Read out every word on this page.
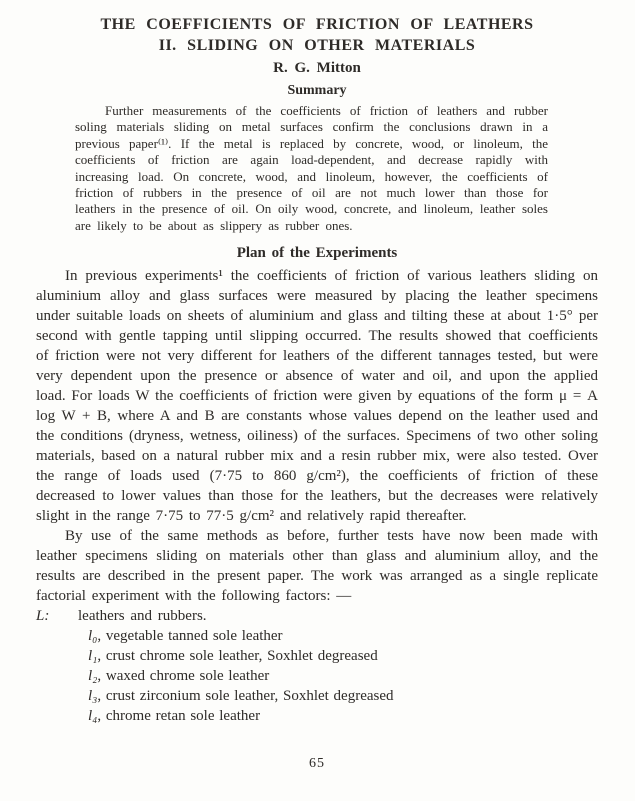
THE COEFFICIENTS OF FRICTION OF LEATHERS
II. SLIDING ON OTHER MATERIALS
R. G. Mitton
Summary

Further measurements of the coefficients of friction of leathers and rubber soling materials sliding on metal surfaces confirm the conclusions drawn in a previous paper⁽¹⁾. If the metal is replaced by concrete, wood, or linoleum, the coefficients of friction are again load-dependent, and decrease rapidly with increasing load. On concrete, wood, and linoleum, however, the coefficients of friction of rubbers in the presence of oil are not much lower than those for leathers in the presence of oil. On oily wood, concrete, and linoleum, leather soles are likely to be about as slippery as rubber ones.

Plan of the Experiments

In previous experiments¹ the coefficients of friction of various leathers sliding on aluminium alloy and glass surfaces were measured by placing the leather specimens under suitable loads on sheets of aluminium and glass and tilting these at about 1·5° per second with gentle tapping until slipping occurred. The results showed that coefficients of friction were not very different for leathers of the different tannages tested, but were very dependent upon the presence or absence of water and oil, and upon the applied load. For loads W the coefficients of friction were given by equations of the form μ = A log W + B, where A and B are constants whose values depend on the leather used and the conditions (dryness, wetness, oiliness) of the surfaces. Specimens of two other soling materials, based on a natural rubber mix and a resin rubber mix, were also tested. Over the range of loads used (7·75 to 860 g/cm²), the coefficients of friction of these decreased to lower values than those for the leathers, but the decreases were relatively slight in the range 7·75 to 77·5 g/cm² and relatively rapid thereafter.

By use of the same methods as before, further tests have now been made with leather specimens sliding on materials other than glass and aluminium alloy, and the results are described in the present paper. The work was arranged as a single replicate factorial experiment with the following factors: —

L: leathers and rubbers.
l₀, vegetable tanned sole leather
l₁, crust chrome sole leather, Soxhlet degreased
l₂, waxed chrome sole leather
l₃, crust zirconium sole leather, Soxhlet degreased
l₄, chrome retan sole leather
65
